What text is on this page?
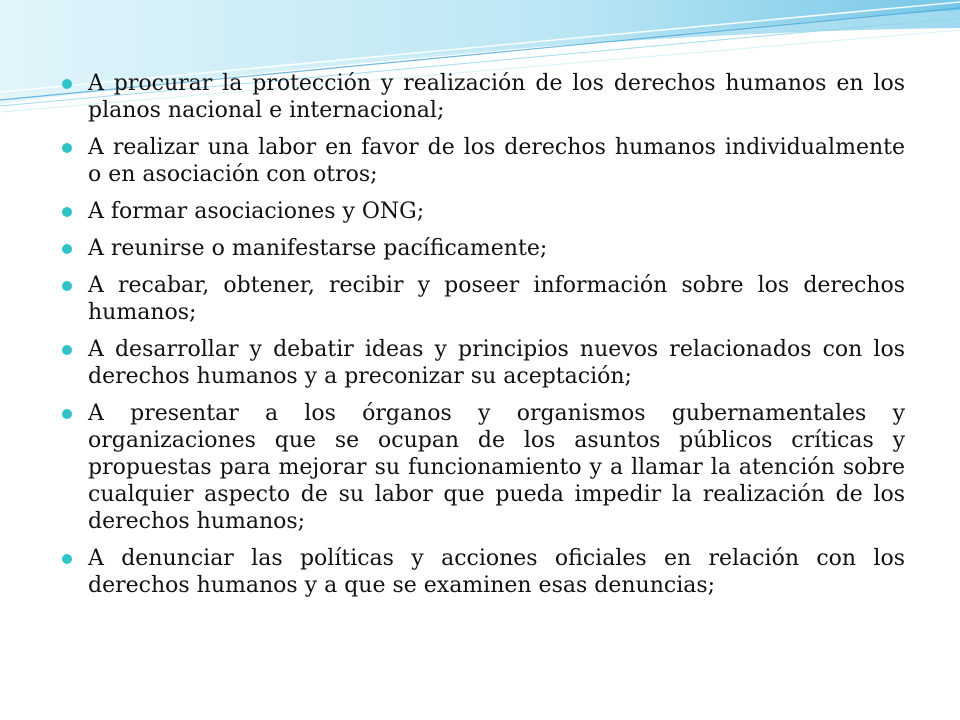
A procurar la protección y realización de los derechos humanos en los planos nacional e internacional;
A realizar una labor en favor de los derechos humanos individualmente o en asociación con otros;
A formar asociaciones y ONG;
A reunirse o manifestarse pacíficamente;
A recabar, obtener, recibir y poseer información sobre los derechos humanos;
A desarrollar y debatir ideas y principios nuevos relacionados con los derechos humanos y a preconizar su aceptación;
A presentar a los órganos y organismos gubernamentales y organizaciones que se ocupan de los asuntos públicos críticas y propuestas para mejorar su funcionamiento y a llamar la atención sobre cualquier aspecto de su labor que pueda impedir la realización de los derechos humanos;
A denunciar las políticas y acciones oficiales en relación con los derechos humanos y a que se examinen esas denuncias;
